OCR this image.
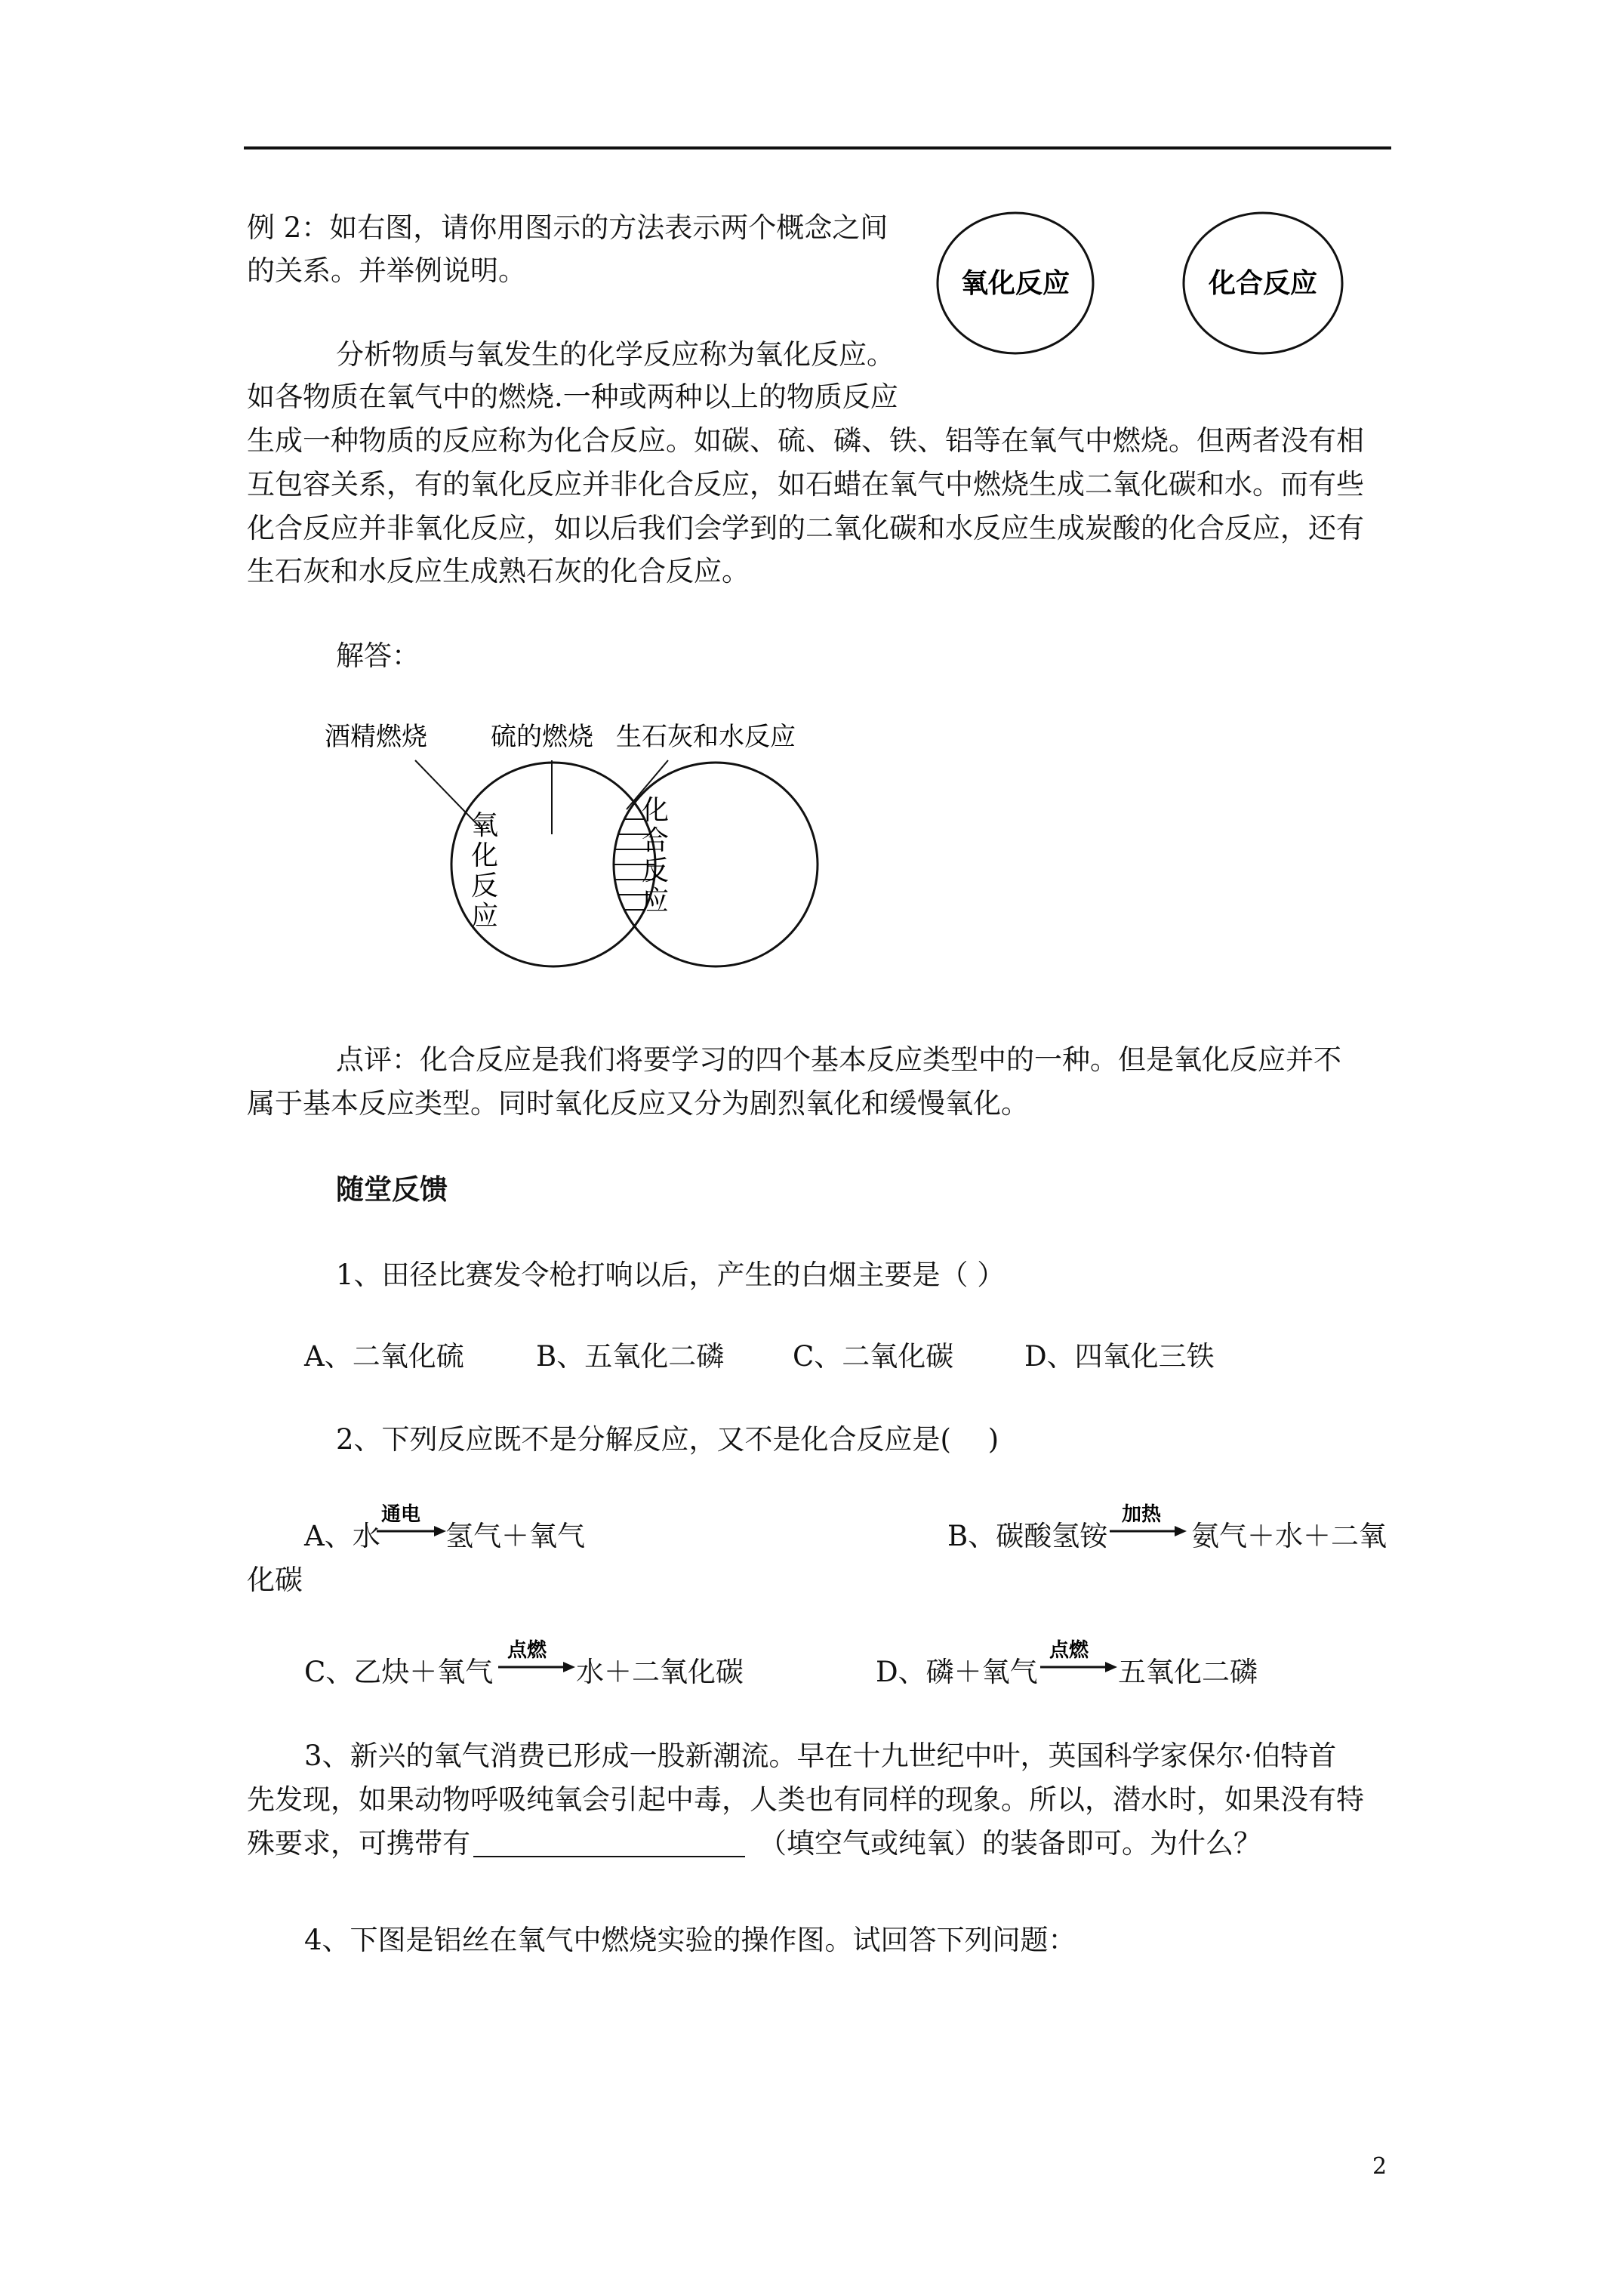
例 2：如右图，请你用图示的方法表示两个概念之间
的关系。并举例说明。	氧化反应	化合反应
分析物质与氧发生的化学反应称为氧化反应。
如各物质在氧气中的燃烧.一种或两种以上的物质反应
生成一种物质的反应称为化合反应。如碳、硫、磷、铁、铝等在氧气中燃烧。但两者没有相
互包容关系，有的氧化反应并非化合反应，如石蜡在氧气中燃烧生成二氧化碳和水。而有些
化合反应并非氧化反应，如以后我们会学到的二氧化碳和水反应生成炭酸的化合反应，还有
生石灰和水反应生成熟石灰的化合反应。
解答：
酒精燃烧 硫的燃烧 生石灰和水反应
氧
化
反
应
化
合
反
应
点评：化合反应是我们将要学习的四个基本反应类型中的一种。但是氧化反应并不
属于基本反应类型。同时氧化反应又分为剧烈氧化和缓慢氧化。
随堂反馈
1、田径比赛发令枪打响以后，产生的白烟主要是（ ）
A、二氧化硫	B、五氧化二磷 C、二氧化碳	D、四氧化三铁
2、下列反应既不是分解反应，又不是化合反应是(　 )
A、水
通电
氢气＋氧气	B、碳酸氢铵
加热
氨气＋水＋二氧
化碳
C、乙炔＋氧气
点燃
水＋二氧化碳	D、磷＋氧气
点燃
五氧化二磷
3、新兴的氧气消费已形成一股新潮流。早在十九世纪中叶，英国科学家保尔·伯特首
先发现，如果动物呼吸纯氧会引起中毒，人类也有同样的现象。所以，潜水时，如果没有特
殊要求，可携带有	（填空气或纯氧）的装备即可。为什么？
4、下图是铝丝在氧气中燃烧实验的操作图。试回答下列问题：
2
